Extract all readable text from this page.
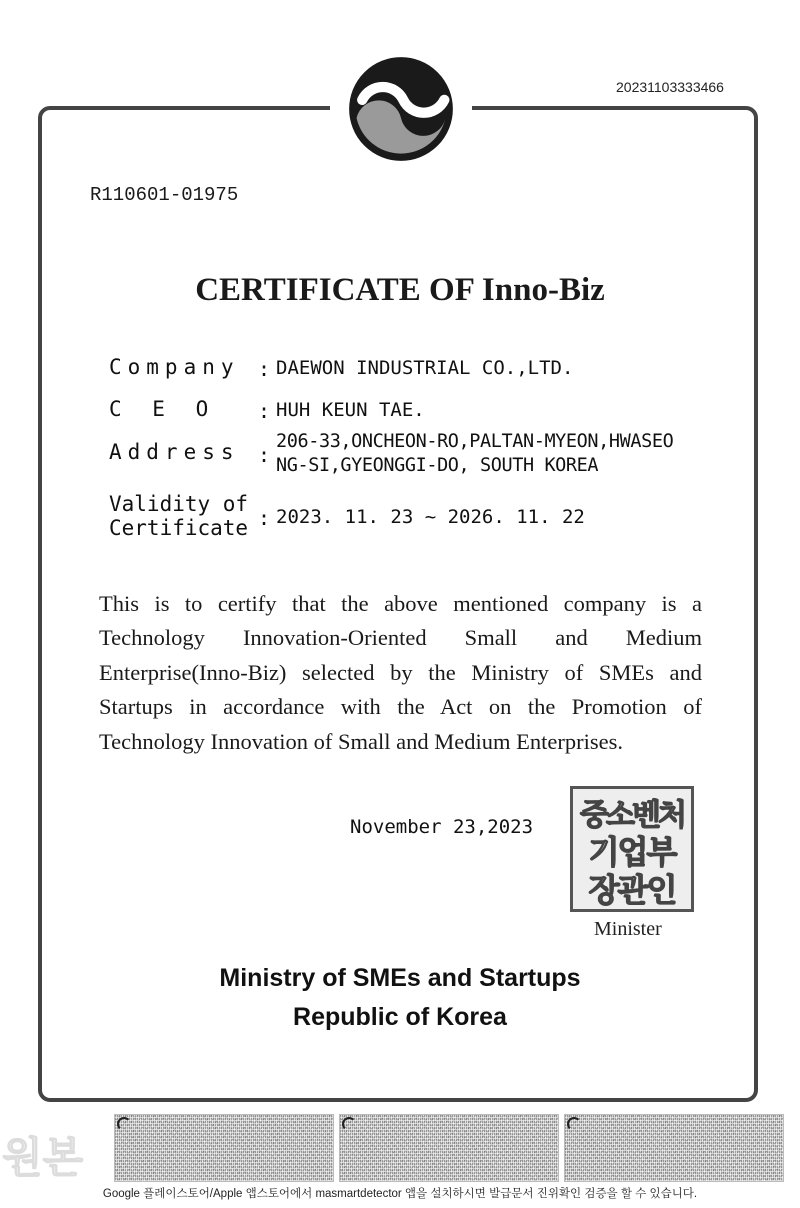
20231103333466
R110601-01975
CERTIFICATE OF Inno-Biz
Company : DAEWON INDUSTRIAL CO.,LTD.
C E O : HUH KEUN TAE.
Address :
206-33,ONCHEON-RO,PALTAN-MYEON,HWASEO
NG-SI,GYEONGGI-DO, SOUTH KOREA
Validity of
Certificate : 2023. 11. 23 ~ 2026. 11. 22
This is to certify that the above mentioned company is a Technology Innovation-Oriented Small and Medium Enterprise(Inno-Biz) selected by the Ministry of SMEs and Startups in accordance with the Act on the Promotion of Technology Innovation of Small and Medium Enterprises.
November 23,2023 중소벤처
기업부
장관인
Minister
Ministry of SMEs and Startups
Republic of Korea
원본
Google 플레이스토어/Apple 앱스토어에서 masmartdetector 앱을 설치하시면 발급문서 진위확인 검증을 할 수 있습니다.
